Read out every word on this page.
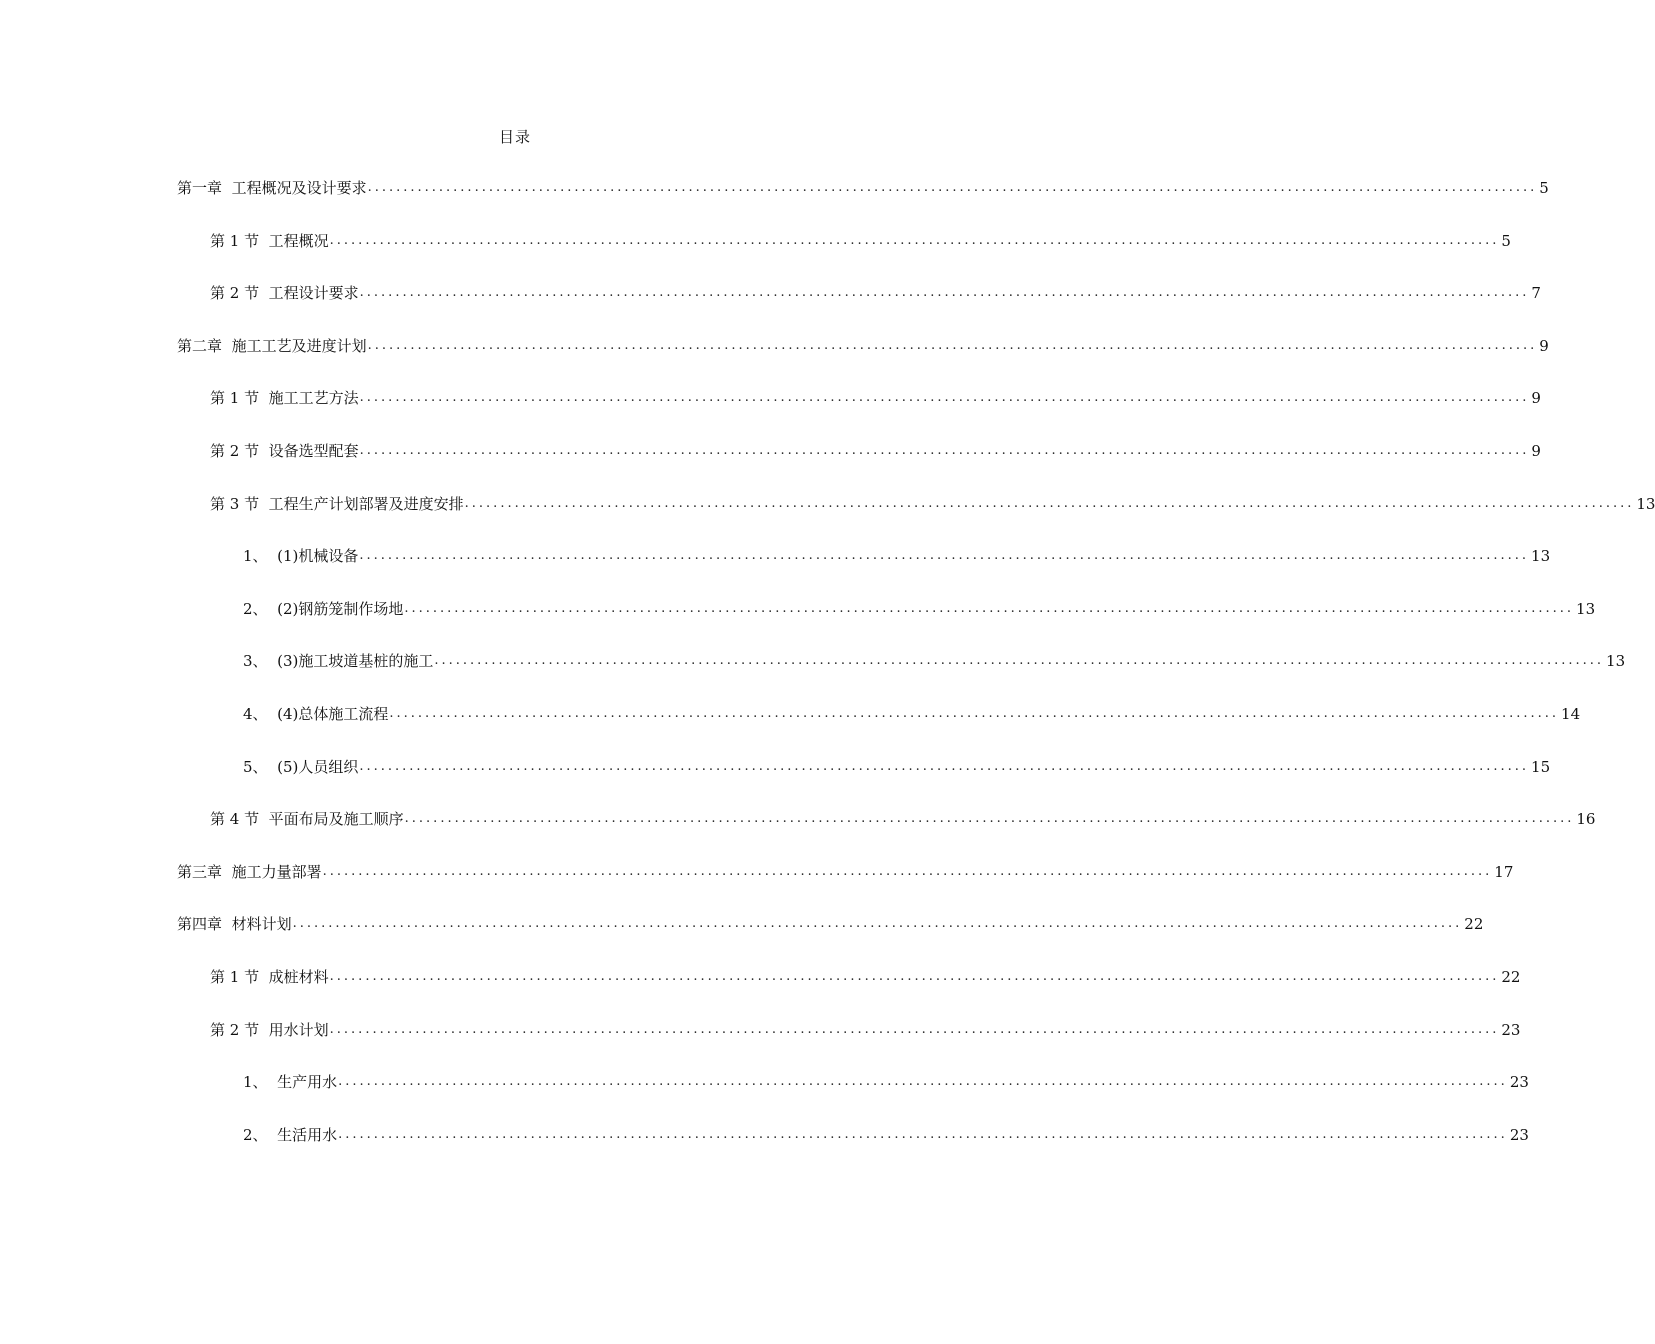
目录
第一章 工程概况及设计要求 .................................................................................................................................................................... 5
第 1 节 工程概况 .................................................................................................................................................................... 5
第 2 节 工程设计要求 .................................................................................................................................................................... 7
第二章 施工工艺及进度计划 .................................................................................................................................................................... 9
第 1 节 施工工艺方法 .................................................................................................................................................................... 9
第 2 节 设备选型配套 .................................................................................................................................................................... 9
第 3 节 工程生产计划部署及进度安排 .................................................................................................................................................................... 13
1、 (1)机械设备 .................................................................................................................................................................... 13
2、 (2)钢筋笼制作场地 .................................................................................................................................................................... 13
3、 (3)施工坡道基桩的施工 .................................................................................................................................................................... 13
4、 (4)总体施工流程 .................................................................................................................................................................... 14
5、 (5)人员组织 .................................................................................................................................................................... 15
第 4 节 平面布局及施工顺序 .................................................................................................................................................................... 16
第三章 施工力量部署 .................................................................................................................................................................... 17
第四章 材料计划 .................................................................................................................................................................... 22
第 1 节 成桩材料 .................................................................................................................................................................... 22
第 2 节 用水计划 .................................................................................................................................................................... 23
1、 生产用水 .................................................................................................................................................................... 23
2、 生活用水 .................................................................................................................................................................... 23
